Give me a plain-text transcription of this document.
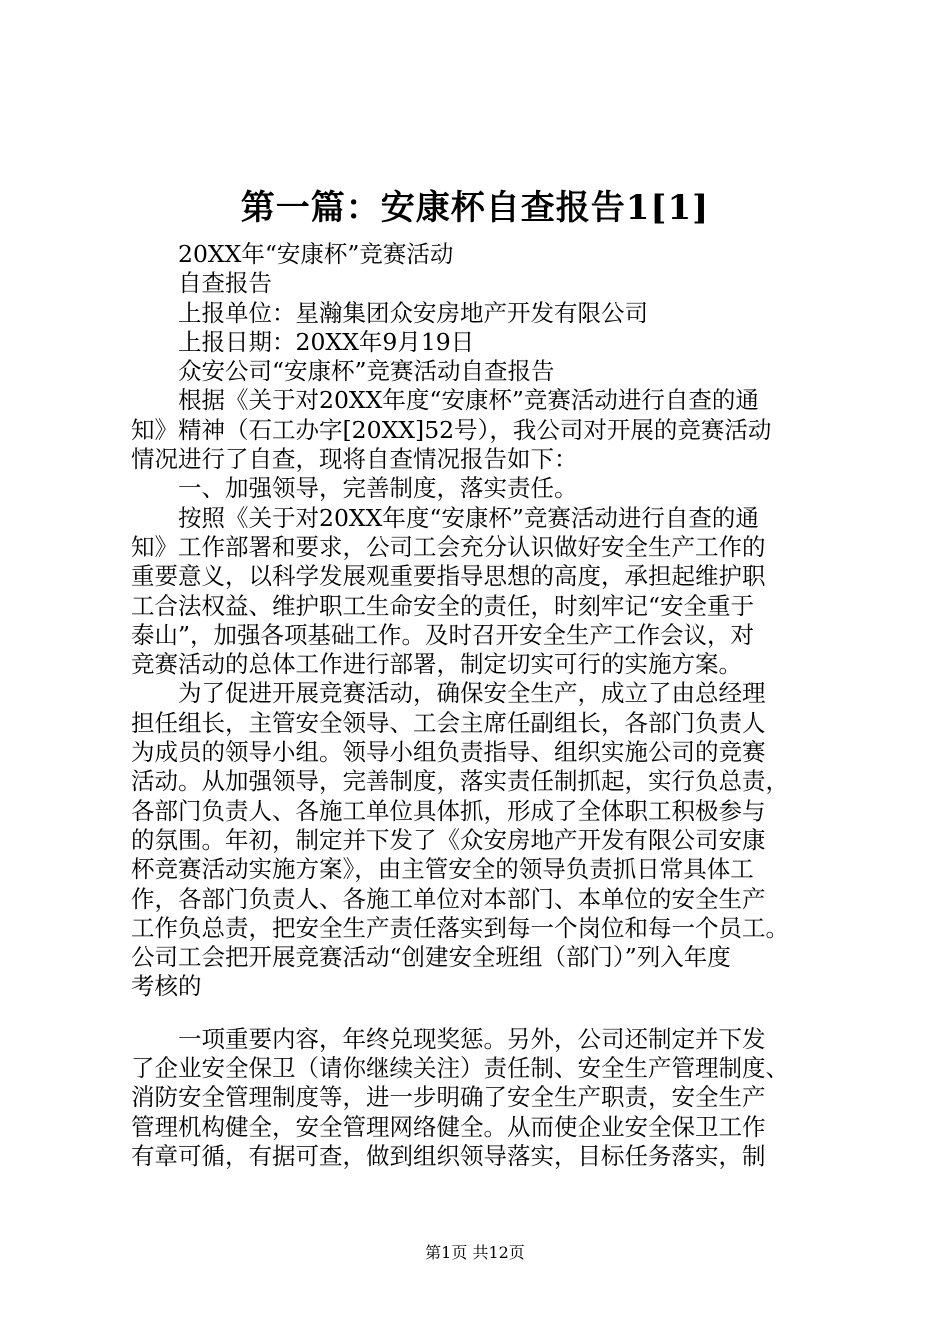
第一篇：安康杯自查报告1[1]
20XX年“安康杯”竞赛活动
自查报告
上报单位：星瀚集团众安房地产开发有限公司
上报日期：20XX年9月19日
众安公司“安康杯”竞赛活动自查报告
根据《关于对20XX年度“安康杯”竞赛活动进行自查的通
知》精神（石工办字[20XX]52号），我公司对开展的竞赛活动
情况进行了自查，现将自查情况报告如下：
一、加强领导，完善制度，落实责任。
按照《关于对20XX年度“安康杯”竞赛活动进行自查的通
知》工作部署和要求，公司工会充分认识做好安全生产工作的
重要意义，以科学发展观重要指导思想的高度，承担起维护职
工合法权益、维护职工生命安全的责任，时刻牢记“安全重于
泰山”，加强各项基础工作。及时召开安全生产工作会议，对
竞赛活动的总体工作进行部署，制定切实可行的实施方案。
为了促进开展竞赛活动，确保安全生产，成立了由总经理
担任组长，主管安全领导、工会主席任副组长，各部门负责人
为成员的领导小组。领导小组负责指导、组织实施公司的竞赛
活动。从加强领导，完善制度，落实责任制抓起，实行负总责，
各部门负责人、各施工单位具体抓，形成了全体职工积极参与
的氛围。年初，制定并下发了《众安房地产开发有限公司安康
杯竞赛活动实施方案》，由主管安全的领导负责抓日常具体工
作，各部门负责人、各施工单位对本部门、本单位的安全生产
工作负总责，把安全生产责任落实到每一个岗位和每一个员工。
公司工会把开展竞赛活动“创建安全班组（部门）”列入年度
考核的
一项重要内容，年终兑现奖惩。另外，公司还制定并下发
了企业安全保卫（请你继续关注）责任制、安全生产管理制度、
消防安全管理制度等，进一步明确了安全生产职责，安全生产
管理机构健全，安全管理网络健全。从而使企业安全保卫工作
有章可循，有据可查，做到组织领导落实，目标任务落实，制
第1页 共12页
